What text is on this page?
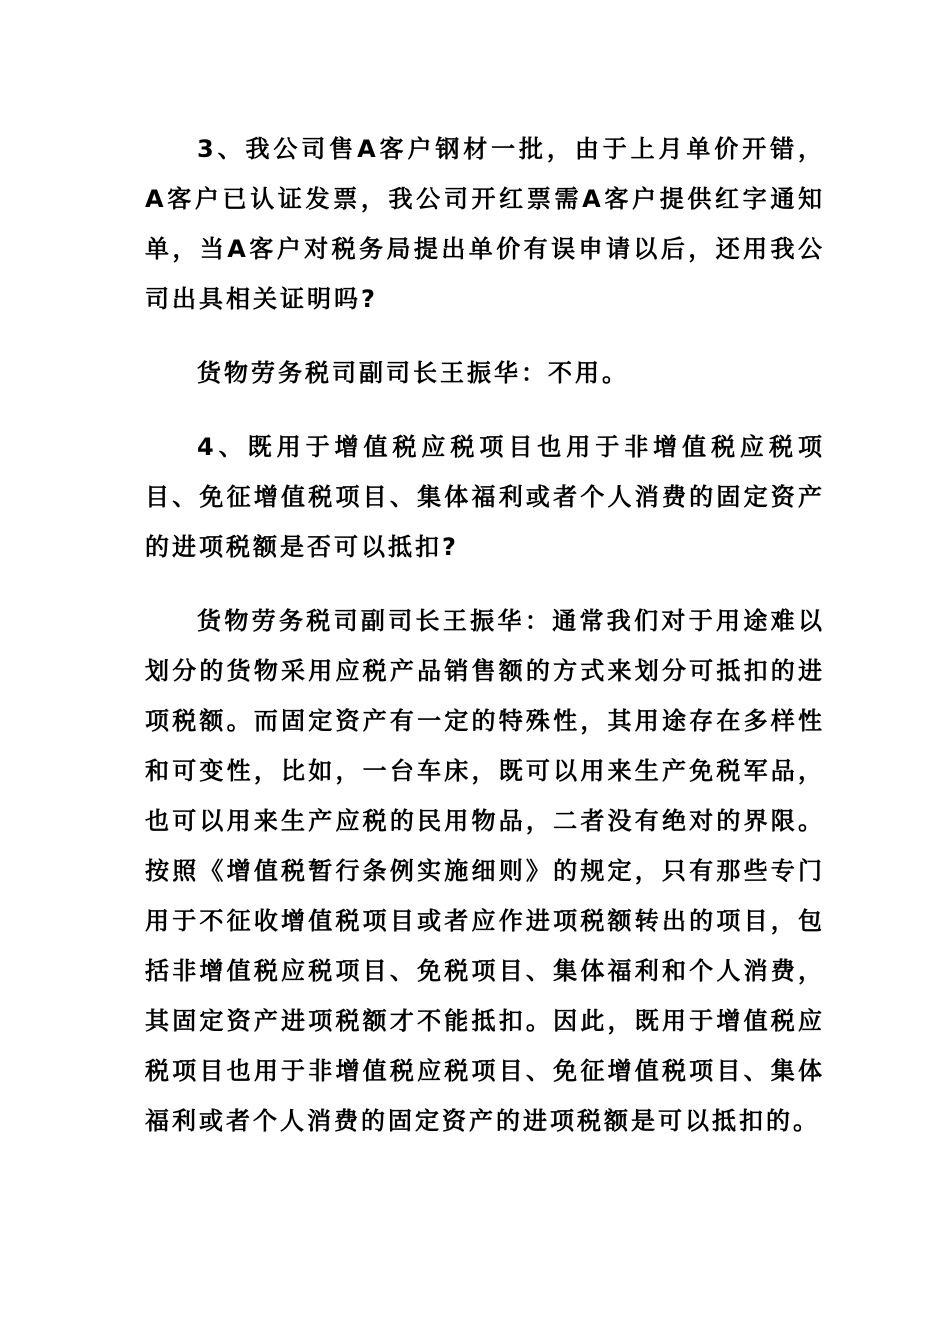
3、我公司售A客户钢材一批，由于上月单价开错，A客户已认证发票，我公司开红票需A客户提供红字通知单，当A客户对税务局提出单价有误申请以后，还用我公司出具相关证明吗?

货物劳务税司副司长王振华：不用。

4、既用于增值税应税项目也用于非增值税应税项目、免征增值税项目、集体福利或者个人消费的固定资产的进项税额是否可以抵扣?

货物劳务税司副司长王振华：通常我们对于用途难以划分的货物采用应税产品销售额的方式来划分可抵扣的进项税额。而固定资产有一定的特殊性，其用途存在多样性和可变性，比如，一台车床，既可以用来生产免税军品，也可以用来生产应税的民用物品，二者没有绝对的界限。按照《增值税暂行条例实施细则》的规定，只有那些专门用于不征收增值税项目或者应作进项税额转出的项目，包括非增值税应税项目、免税项目、集体福利和个人消费，其固定资产进项税额才不能抵扣。因此，既用于增值税应税项目也用于非增值税应税项目、免征增值税项目、集体福利或者个人消费的固定资产的进项税额是可以抵扣的。
